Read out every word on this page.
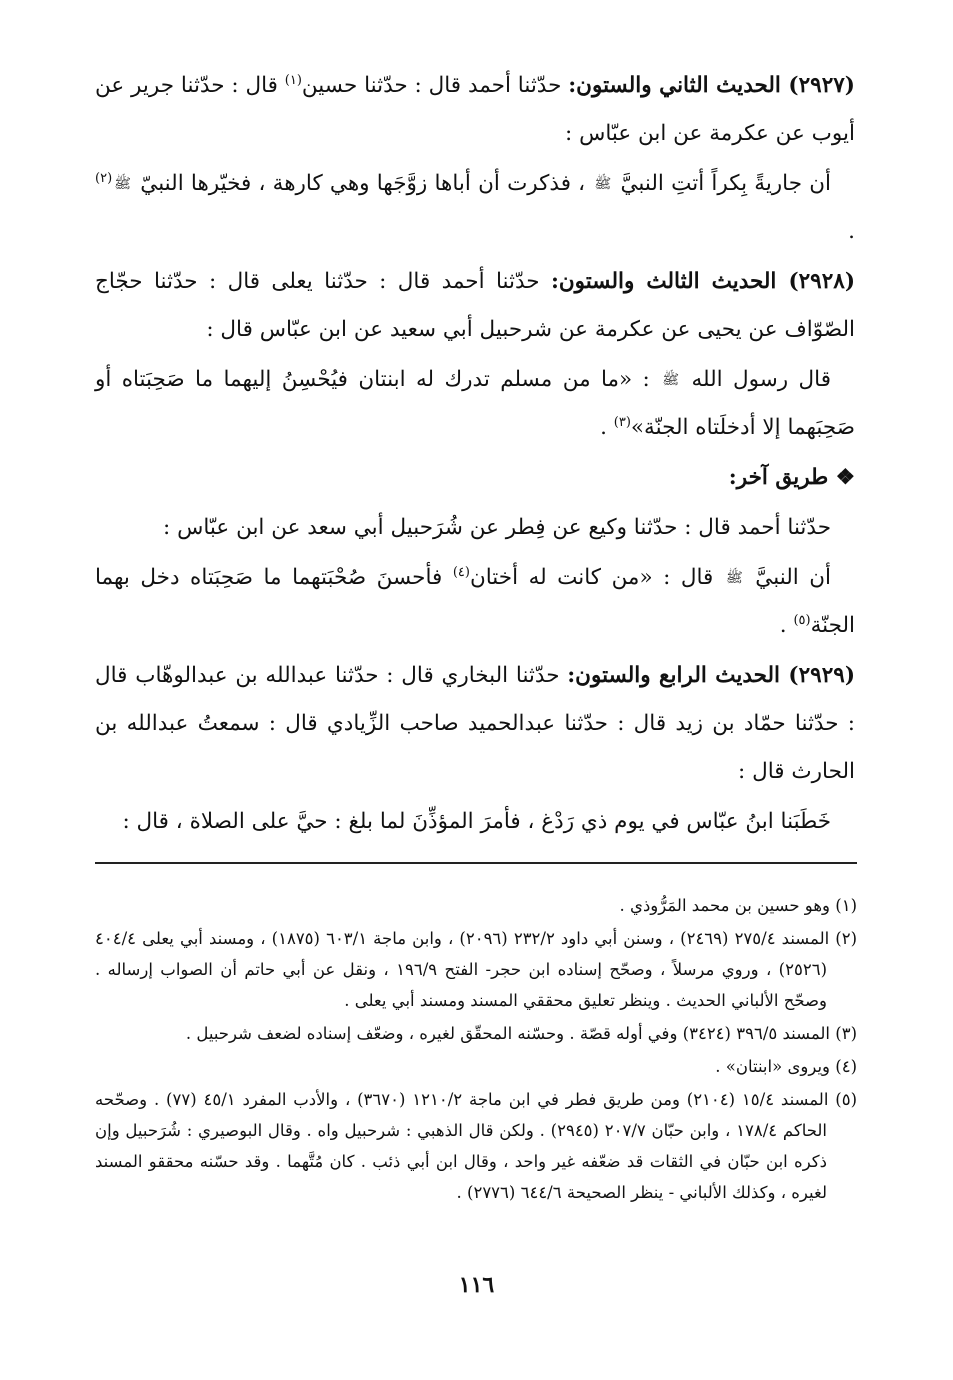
(٢٩٢٧) الحديث الثاني والستون: حدّثنا أحمد قال : حدّثنا حسين$^{(١)}$ قال : حدّثنا جرير عن أيوب عن عكرمة عن ابن عبّاس :

أن جاريةً بِكراً أتتِ النبيَّ ﷺ ، فذكرت أن أباها زوَّجَها وهي كارهة ، فخيّرها النبيّ ﷺ$^{(٢)}$ .

(٢٩٢٨) الحديث الثالث والستون: حدّثنا أحمد قال : حدّثنا يعلى قال : حدّثنا حجّاج الصّوّاف عن يحيى عن عكرمة عن شرحبيل أبي سعيد عن ابن عبّاس قال :

قال رسول الله ﷺ : «ما من مسلم تدرك له ابنتان فيُحْسِنُ إليهما ما صَحِبَتاه أو صَحِبَهما إلا أدخلَتاه الجنّة»$^{(٣)}$ .

❖ طريق آخر:

حدّثنا أحمد قال : حدّثنا وكيع عن فِطر عن شُرَحبيل أبي سعد عن ابن عبّاس :

أن النبيَّ ﷺ قال : «من كانت له أختان$^{(٤)}$ فأحسنَ صُحْبَتهما ما صَحِبَتاه دخل بهما الجنّة$^{(٥)}$ .

(٢٩٢٩) الحديث الرابع والستون: حدّثنا البخاري قال : حدّثنا عبدالله بن عبدالوهّاب قال : حدّثنا حمّاد بن زيد قال : حدّثنا عبدالحميد صاحب الزِّيادي قال : سمعتُ عبدالله بن الحارث قال :

خَطَبَنا ابنُ عبّاس في يوم ذي رَدْغ ، فأمرَ المؤذِّنَ لما بلغ : حيَّ على الصلاة ، قال :

(١) وهو حسين بن محمد المَرُّوذي .

(٢) المسند ٢٧٥/٤ (٢٤٦٩) ، وسنن أبي داود ٢٣٢/٢ (٢٠٩٦) ، وابن ماجة ٦٠٣/١ (١٨٧٥) ، ومسند أبي يعلى ٤٠٤/٤ (٢٥٢٦) ، وروي مرسلاً ، وصحّح إسناده ابن حجر- الفتح ١٩٦/٩ ، ونقل عن أبي حاتم أن الصواب إرساله . وصحّح الألباني الحديث . وينظر تعليق محققي المسند ومسند أبي يعلى .

(٣) المسند ٣٩٦/٥ (٣٤٢٤) وفي أوله قصّة . وحسّنه المحقّق لغيره ، وضعّف إسناده لضعف شرحبيل .

(٤) ويروى «ابنتان» .

(٥) المسند ١٥/٤ (٢١٠٤) ومن طريق فطر في ابن ماجة ١٢١٠/٢ (٣٦٧٠) ، والأدب المفرد ٤٥/١ (٧٧) . وصحّحه الحاكم ١٧٨/٤ ، وابن حبّان ٢٠٧/٧ (٢٩٤٥) . ولكن قال الذهبي : شرحبيل واه . وقال البوصيري : شُرَحبيل وإن ذكره ابن حبّان في الثقات قد ضعّفه غير واحد ، وقال ابن أبي ذئب . كان مُتَّهما . وقد حسّنه محققو المسند لغيره ، وكذلك الألباني - ينظر الصحيحة ٦٤٤/٦ (٢٧٧٦) .

١١٦
